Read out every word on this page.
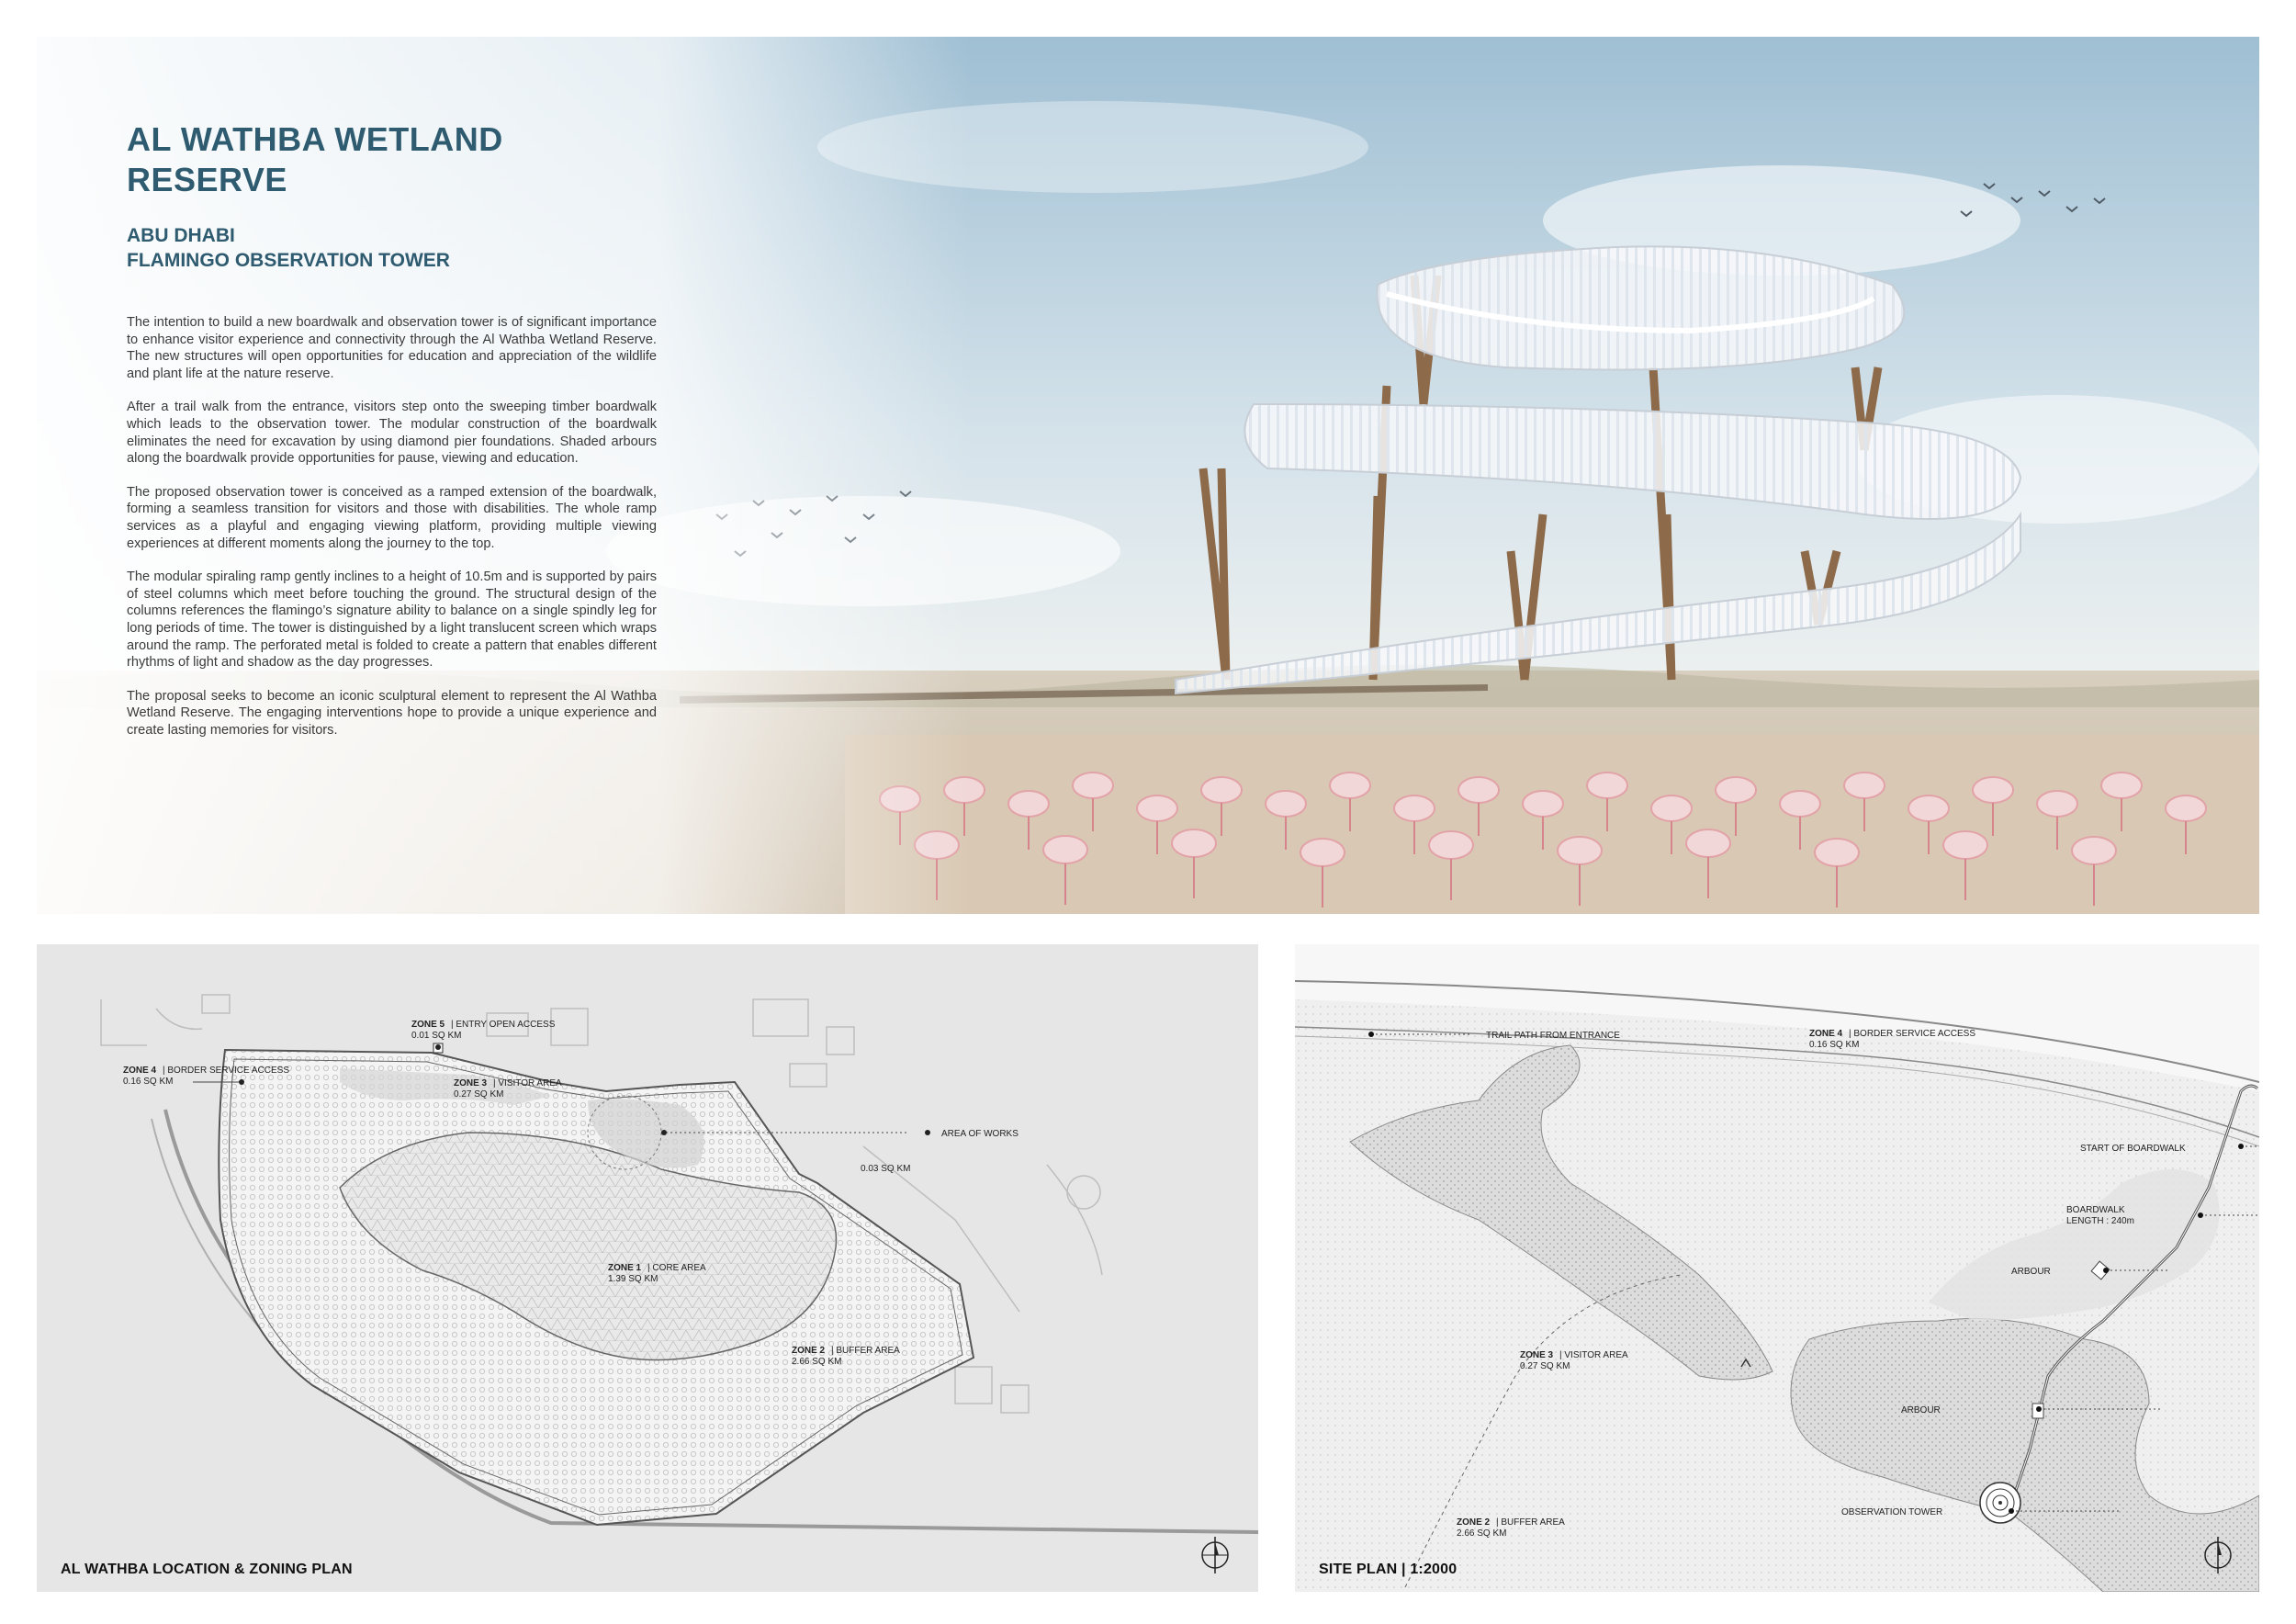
AL WATHBA WETLAND
RESERVE
ABU DHABI
FLAMINGO OBSERVATION TOWER

The intention to build a new boardwalk and observation tower is of significant importance to enhance visitor experience and connectivity through the Al Wathba Wetland Reserve. The new structures will open opportunities for education and appreciation of the wildlife and plant life at the nature reserve.

After a trail walk from the entrance, visitors step onto the sweeping timber boardwalk which leads to the observation tower. The modular construction of the boardwalk eliminates the need for excavation by using diamond pier foundations. Shaded arbours along the boardwalk provide opportunities for pause, viewing and education.

The proposed observation tower is conceived as a ramped extension of the boardwalk, forming a seamless transition for visitors and those with disabilities. The whole ramp services as a playful and engaging viewing platform, providing multiple viewing experiences at different moments along the journey to the top.

The modular spiraling ramp gently inclines to a height of 10.5m and is supported by pairs of steel columns which meet before touching the ground. The structural design of the columns references the flamingo’s signature ability to balance on a single spindly leg for long periods of time. The tower is distinguished by a light translucent screen which wraps around the ramp. The perforated metal is folded to create a pattern that enables different rhythms of light and shadow as the day progresses.

The proposal seeks to become an iconic sculptural element to represent the Al Wathba Wetland Reserve. The engaging interventions hope to provide a unique experience and create lasting memories for visitors.

ZONE 5 | ENTRY OPEN ACCESS
0.01 SQ KM
ZONE 4 | BORDER SERVICE ACCESS
0.16 SQ KM	ZONE 3 | VISITOR AREA
0.27 SQ KM
AREA OF WORKS
0.03 SQ KM
ZONE 1 | CORE AREA
1.39 SQ KM
ZONE 2 | BUFFER AREA
2.66 SQ KM
AL WATHBA LOCATION & ZONING PLAN
TRAIL PATH FROM ENTRANCE	ZONE 4 | BORDER SERVICE ACCESS
0.16 SQ KM
START OF BOARDWALK
BOARDWALK
LENGTH : 240m
ARBOUR
ARBOUR
ZONE 3 | VISITOR AREA
0.27 SQ KM
ZONE 2 | BUFFER AREA
2.66 SQ KM
OBSERVATION TOWER
SITE PLAN | 1:2000
